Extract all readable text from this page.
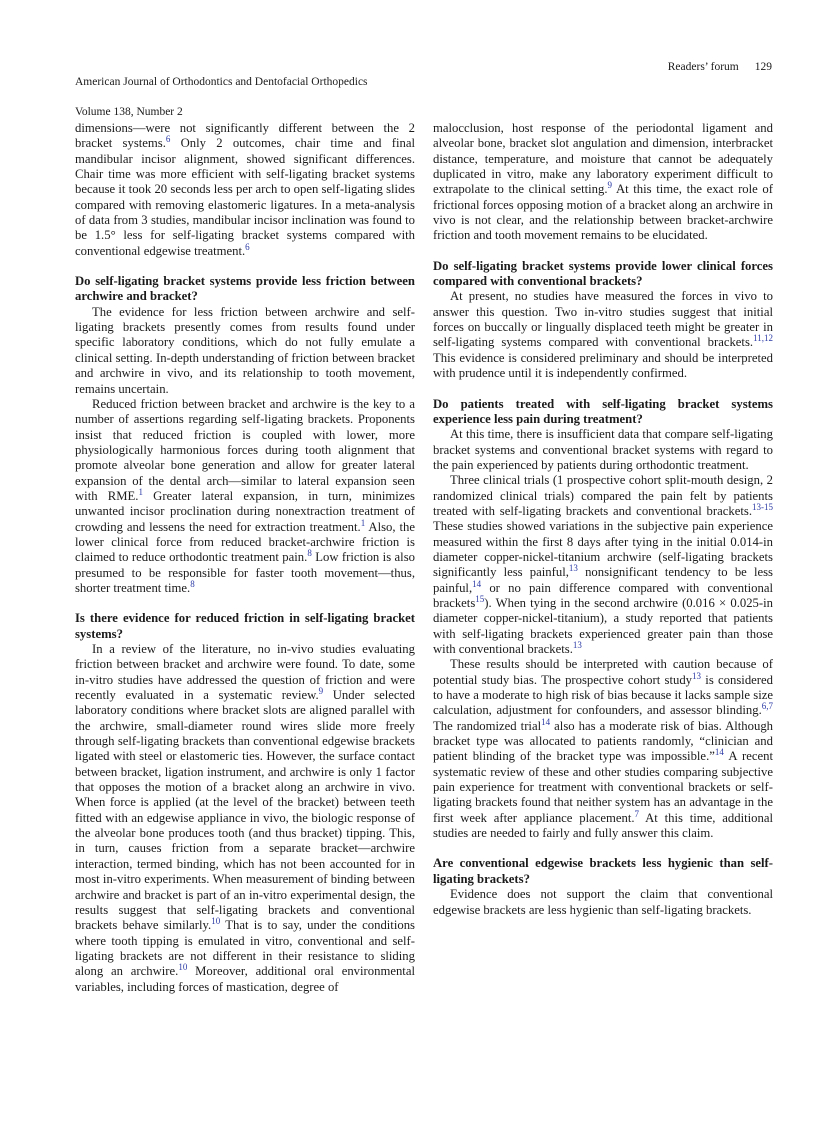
American Journal of Orthodontics and Dentofacial Orthopedics

Volume 138, Number 2

Readers’ forum 129

dimensions—were not significantly different between the 2 bracket systems.$^6$ Only 2 outcomes, chair time and final mandibular incisor alignment, showed significant differences. Chair time was more efficient with self-ligating bracket systems because it took 20 seconds less per arch to open self-ligating slides compared with removing elastomeric ligatures. In a meta-analysis of data from 3 studies, mandibular incisor inclination was found to be 1.5° less for self-ligating bracket systems compared with conventional edgewise treatment.$^6$

Do self-ligating bracket systems provide less friction between archwire and bracket?

The evidence for less friction between archwire and self-ligating brackets presently comes from results found under specific laboratory conditions, which do not fully emulate a clinical setting. In-depth understanding of friction between bracket and archwire in vivo, and its relationship to tooth movement, remains uncertain.

Reduced friction between bracket and archwire is the key to a number of assertions regarding self-ligating brackets. Proponents insist that reduced friction is coupled with lower, more physiologically harmonious forces during tooth alignment that promote alveolar bone generation and allow for greater lateral expansion of the dental arch—similar to lateral expansion seen with RME.$^1$ Greater lateral expansion, in turn, minimizes unwanted incisor proclination during nonextraction treatment of crowding and lessens the need for extraction treatment.$^1$ Also, the lower clinical force from reduced bracket-archwire friction is claimed to reduce orthodontic treatment pain.$^8$ Low friction is also presumed to be responsible for faster tooth movement—thus, shorter treatment time.$^8$

Is there evidence for reduced friction in self-ligating bracket systems?

In a review of the literature, no in-vivo studies evaluating friction between bracket and archwire were found. To date, some in-vitro studies have addressed the question of friction and were recently evaluated in a systematic review.$^9$ Under selected laboratory conditions where bracket slots are aligned parallel with the archwire, small-diameter round wires slide more freely through self-ligating brackets than conventional edgewise brackets ligated with steel or elastomeric ties. However, the surface contact between bracket, ligation instrument, and archwire is only 1 factor that opposes the motion of a bracket along an archwire in vivo. When force is applied (at the level of the bracket) between teeth fitted with an edgewise appliance in vivo, the biologic response of the alveolar bone produces tooth (and thus bracket) tipping. This, in turn, causes friction from a separate bracket—archwire interaction, termed binding, which has not been accounted for in most in-vitro experiments. When measurement of binding between archwire and bracket is part of an in-vitro experimental design, the results suggest that self-ligating brackets and conventional brackets behave similarly.$^{10}$ That is to say, under the conditions where tooth tipping is emulated in vitro, conventional and self-ligating brackets are not different in their resistance to sliding along an archwire.$^{10}$ Moreover, additional oral environmental variables, including forces of mastication, degree of

malocclusion, host response of the periodontal ligament and alveolar bone, bracket slot angulation and dimension, interbracket distance, temperature, and moisture that cannot be adequately duplicated in vitro, make any laboratory experiment difficult to extrapolate to the clinical setting.$^9$ At this time, the exact role of frictional forces opposing motion of a bracket along an archwire in vivo is not clear, and the relationship between bracket-archwire friction and tooth movement remains to be elucidated.

Do self-ligating bracket systems provide lower clinical forces compared with conventional brackets?

At present, no studies have measured the forces in vivo to answer this question. Two in-vitro studies suggest that initial forces on buccally or lingually displaced teeth might be greater in self-ligating systems compared with conventional brackets.$^{11,12}$ This evidence is considered preliminary and should be interpreted with prudence until it is independently confirmed.

Do patients treated with self-ligating bracket systems experience less pain during treatment?

At this time, there is insufficient data that compare self-ligating bracket systems and conventional bracket systems with regard to the pain experienced by patients during orthodontic treatment.

Three clinical trials (1 prospective cohort split-mouth design, 2 randomized clinical trials) compared the pain felt by patients treated with self-ligating brackets and conventional brackets.$^{13-15}$ These studies showed variations in the subjective pain experience measured within the first 8 days after tying in the initial 0.014-in diameter copper-nickel-titanium archwire (self-ligating brackets significantly less painful,$^{13}$ nonsignificant tendency to be less painful,$^{14}$ or no pain difference compared with conventional brackets$^{15}$). When tying in the second archwire (0.016 × 0.025-in diameter copper-nickel-titanium), a study reported that patients with self-ligating brackets experienced greater pain than those with conventional brackets.$^{13}$

These results should be interpreted with caution because of potential study bias. The prospective cohort study$^{13}$ is considered to have a moderate to high risk of bias because it lacks sample size calculation, adjustment for confounders, and assessor blinding.$^{6,7}$ The randomized trial$^{14}$ also has a moderate risk of bias. Although bracket type was allocated to patients randomly, “clinician and patient blinding of the bracket type was impossible.”$^{14}$ A recent systematic review of these and other studies comparing subjective pain experience for treatment with conventional brackets or self-ligating brackets found that neither system has an advantage in the first week after appliance placement.$^7$ At this time, additional studies are needed to fairly and fully answer this claim.

Are conventional edgewise brackets less hygienic than self-ligating brackets?

Evidence does not support the claim that conventional edgewise brackets are less hygienic than self-ligating brackets.
